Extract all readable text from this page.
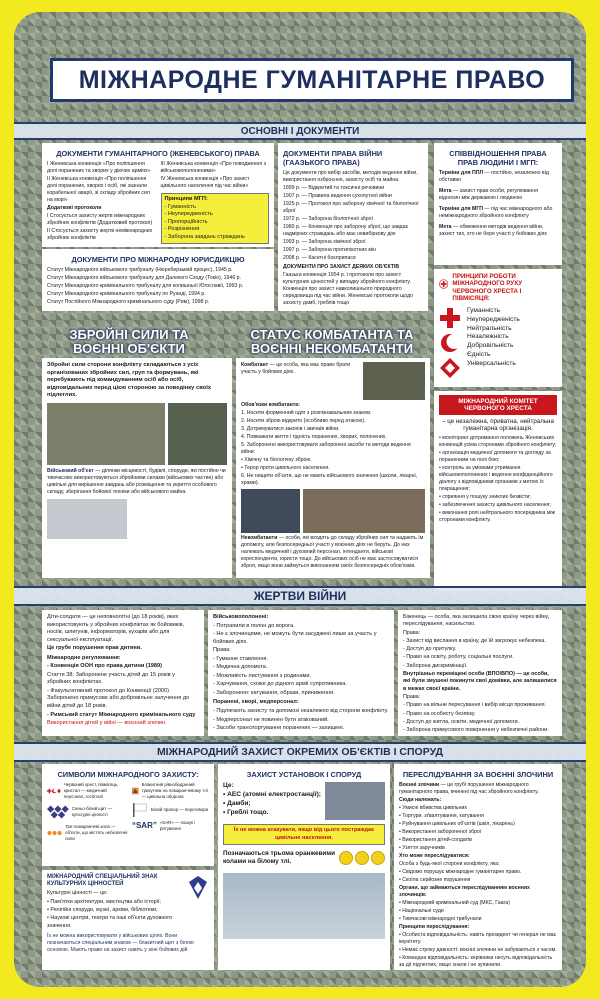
МІЖНАРОДНЕ ГУМАНІТАРНЕ ПРАВО
ОСНОВНІ І ДОКУМЕНТИ
ДОКУМЕНТИ ГУМАНІТАРНОГО (ЖЕНЕВСЬКОГО) ПРАВА

I Женевська конвенція «Про поліпшення долі поранених та хворих у діючих арміях»

II Женевська конвенція «Про поліпшення долі поранених, хворих і осіб, які зазнали корабельної аварії, зі складу збройних сил на морі»

Додаткові протоколи

I Стосується захисту жертв міжнародних збройних конфліктів (Додатковий протокол)

II Стосується захисту жертв неміжнародних збройних конфліктів

III Женевська конвенція «Про поводження з військовополоненими»

IV Женевська конвенція «Про захист цивільного населення під час війни»

Принципи МГП:
- Гуманність
- Неупередженість
- Пропорційність
- Розрізнення
- Заборона завдань страждань
ДОКУМЕНТИ ПРО МІЖНАРОДНУ ЮРИСДИКЦІЮ

Статут Міжнародного військового трибуналу (Нюрнберзький процес), 1945 р.

Статут Міжнародного військового трибуналу для Далекого Сходу (Токіо), 1946 р.

Статут Міжнародного кримінального трибуналу для колишньої Югославії, 1993 р.

Статут Міжнародного кримінального трибуналу по Руанді, 1994 р.

Статут Постійного Міжнародного кримінального суду (Рим), 1998 р.

ДОКУМЕНТИ ПРАВА ВІЙНИ (ГААЗЬКОГО ПРАВА)

Це документи про вибір засобів, методів ведення війни, використання озброєння, захисту осіб та майна.

1899 р. — Відкритий та токсичні речовини

1907 р. — Правила ведення сухопутної війни

1925 р. — Протокол про заборону хімічної та біологічної зброї

1972 р. — Заборона біологічної зброї

1980 р. — Конвенція про заборону зброї, що завдає надмірних страждань або має невибіркову дію

1993 р. — Заборона хімічної зброї

1997 р. — Заборона протипіхотних мін

2008 р. — Касетні боєприпаси

ДОКУМЕНТИ ПРО ЗАХИСТ ДЕЯКИХ ОБ'ЄКТІВ

Гаазька конвенція 1954 р. і протоколи про захист культурних цінностей у випадку збройного конфлікту. Конвенція про захист навколишнього природного середовища під час війни. Женевські протоколи щодо захисту дамб, греблів тощо

СПІВВІДНОШЕННЯ ПРАВА ПРАВ ЛЮДИНИ І МГП:

Терміни для ППЛ — постійно, незалежно від обставин

Мета — захист прав особи, регулювання відносин між державою і людиною

Терміни для МГП — під час міжнародного або неміжнародного збройного конфлікту

Мета — обмеження методів ведення війни, захист тих, хто не бере участі у бойових діях

ПРИНЦИПИ РОБОТИ МІЖНАРОДНОГО РУХУ ЧЕРВОНОГО ХРЕСТА І ПІВМІСЯЦЯ:
Гуманність
Неупередженість
Нейтральність
Незалежність
Добровільність
Єдність
Універсальність
МІЖНАРОДНИЙ КОМІТЕТ ЧЕРВОНОГО ХРЕСТА
– це незалежна, приватна, нейтральна гуманітарна організація.

• моніторинг дотримання положень Женевських конвенцій усіма сторонами збройного конфлікту;

• організація медичної допомоги та догляду за пораненими на полі бою;

• контроль за умовами утримання військовополонених і ведення конфіденційного діалогу з відповідними органами з метою їх покращення;

• сприяння у пошуку зниклих безвісти;

• забезпечення захисту цивільного населення;

• виконання ролі нейтрального посередника між сторонами конфлікту.

ЗБРОЙНІ СИЛИ ТА ВОЄННІ ОБ'ЄКТИ
СТАТУС КОМБАТАНТА ТА ВОЄННІ НЕКОМБАТАНТИ
Збройні сили сторони конфлікту складаються з усіх організованих збройних сил, груп та формувань, які перебувають під командуванням осіб або осіб, відповідальних перед цією стороною за поведінку своїх підлеглих.

Військовий об'єкт — ділянки місцевості, будівлі, споруди, які постійно чи тимчасово використовуються збройними силами (військових частин) або цивільні для вирішення завдань або розміщення та укриття особового складу, зберігання бойової техніки або військового майна.

Комбатант — це особа, яка має право брати участь у бойових діях.

Обов'язки комбатанта:

1. Носити форменний одяг з розпізнавальним знаком.

2. Носити зброю відкрито (особливо перед атакою).

3. Дотримуватися законів і звичаїв війни.

4. Повважати життя і гідність поранених, хворих, полонених.

5. Заборонено використовувати заборонені засоби та методи ведення війни:

• Хімічну та біологічну зброю.

• Терор проти цивільного населення.

6. Не нищити об'єкти, що не мають військового значення (школи, лікарні, храми).

Некомбатанти — особи, які входять до складу збройних сил та надають їм допомогу, але безпосередньої участі у воєнних діях не беруть. До них належать медичний і духовний персонал, інтенданти, військові кореспонденти, юристи тощо. До військових осіб не має застосовуватися зброя, якщо вони займуться виконанням своїх безпосередніх обов'язків.

ЖЕРТВИ ВІЙНИ

Діти-солдати — це неповнолітні (до 18 років), яких використовують у збройних конфліктах як бойовиків, носіїв, шпигунів, інформаторів, кухарів або для сексуальної експлуатації.

Це грубе порушення прав дитини.

Міжнародне регулювання:

- Конвенція ООН про права дитини (1989)

Стаття 38: Заборонене участь дітей до 15 років у збройних конфліктах.

- Факультативний протокол до Конвенції (2000) Заборонено примусове або добровільне залучення до війни дітей до 18 років.

- Римський статут Міжнародного кримінального суду

Використання дітей у війні — воєнний злочин.

Військовополонені:

- Потрапили в полон до ворога.

- Не є злочинцями, не можуть бути засуджені лише за участь у бойових діях.

Права:

- Гуманне ставлення.

- Медична допомога.

- Можливість листування з родинами.

- Харчування, схоже до рідного армії супротивника.

- Заборонено: катування, образи, приниження.

Поранені, хворі, медперсонал:

- Підлягають захисту та допомозі незалежно від сторони конфлікту.

- Медперсонал не повинен бути атакований.

- Засоби транспортування поранених — захищені.

Біженець — особа, яка залишила свою країну через війну, переслідування, насильство.

Права:

- Захист від вислання в країну, де їй загрожує небезпека.

- Доступ до притулку.

- Право на освіту, роботу, соціальні послуги.

- Заборона дискримінації.

Внутрішньо переміщені особи (ВПО/ВПО) — це особи, які були змушені покинути свої домівки, але залишилися в межах своєї країни.

Права:

- Право на вільне пересування і вибір місця проживання.

- Право на особисту безпеку.

- Доступ до житла, освіти, медичної допомоги.

- Заборона примусового повернення у небезпечні райони.

МІЖНАРОДНИЙ ЗАХИСТ ОКРЕМИХ ОБ'ЄКТІВ І СПОРУД
СИМВОЛИ МІЖНАРОДНОГО ЗАХИСТУ:
Червоний хрест, півмісяць, кристал — медичний персонал, госпіталі
Синьо-білий щит — культурні цінності
Три помаранчеві кола — об'єкти, що містять небезпечні сили
Блакитний рівнобедрений трикутник на помаранчевому тлі — цивільна оборона
Білий прапор — переговори
“SAR” «SAR» — пошук і рятування
МІЖНАРОДНИЙ СПЕЦІАЛЬНИЙ ЗНАК КУЛЬТУРНИХ ЦІННОСТЕЙ

Культурні цінності — це:

• Пам'ятки архітектури, мистецтва або історії;

• Релігійні споруди, музеї, архіви, бібліотеки;

• Наукові центри, театри та інші об'єкти духовного значення.

Їх не можна використовувати у військових цілях. Вони позначаються спеціальним знаком — блакитний щит з білою основою. Мають право на захист навіть у зоні бойових дій
ЗАХИСТ УСТАНОВОК І СПОРУД
Це:
• АЕС (атомні електростанції);
• Дамби;
• Греблі тощо.
Їх не можна атакувати, якщо від цього постраждає цивільне населення.
Позначаються трьома оранжевими колами на білому тлі.
ПЕРЕСЛІДУВАННЯ ЗА ВОЄННІ ЗЛОЧИНИ

Воєнні злочини — це грубі порушення міжнародного гуманітарного права, вчинені під час збройного конфлікту.

Сюди належать:

• Умисні вбивства цивільних

• Тортури, зґвалтування, катування

• Руйнування цивільних об'єктів (шкіл, лікарень)

• Використання забороненої зброї

• Використання дітей-солдатів

• Узяття заручників

Хто може переслідуватися:

Особа з будь-якої сторони конфлікту, яка:

• Свідомо порушує міжнародне гуманітарне право.

• Скоїла серйозне порушення

Органи, що займаються переслідуванням воєнних злочинців:

• Міжнародний кримінальний суд (МКС, Гаага)

• Національні суди

• Тимчасові міжнародні трибунали

Принципи переслідування:

• Особиста відповідальність: навіть президент чи генерал не має імунітету.

• Немає строку давності: воєнні злочини не забуваються з часом.

• Командна відповідальність: керівники несуть відповідальність за дії підлеглих, якщо знали і не зупинили.
